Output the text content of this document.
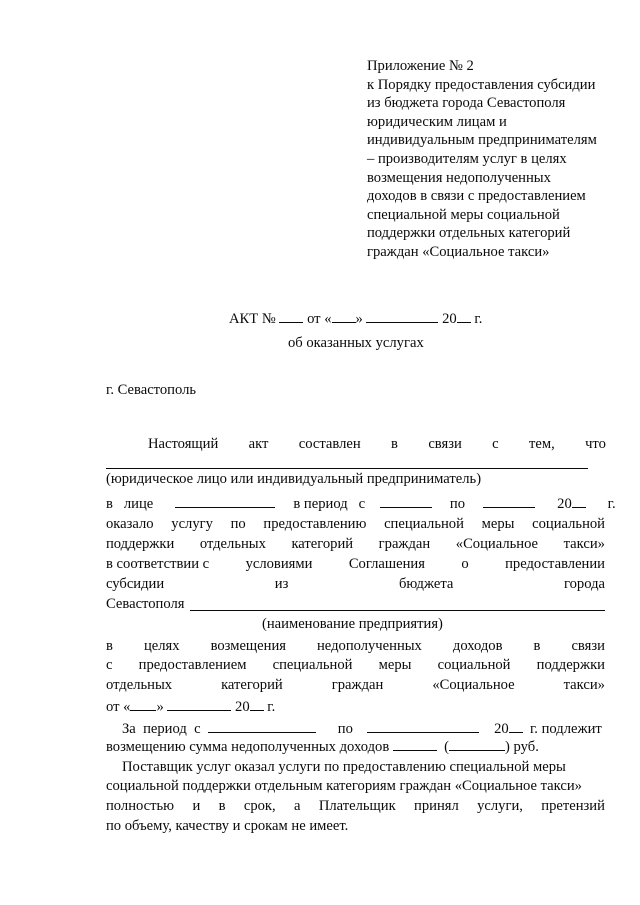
Приложение № 2
к Порядку предоставления субсидии
из бюджета города Севастополя
юридическим лицам и
индивидуальным предпринимателям
– производителям услуг в целях
возмещения недополученных
доходов в связи с предоставлением
специальной меры социальной
поддержки отдельных категорий
граждан «Социальное такси»
АКТ № от « »	20 г.
об оказанных услугах
г. Севастополь
Настоящий акт составлен в связи с тем, что
(юридическое лицо или индивидуальный предприниматель)
в лице	в период с	по	20 г.
оказало услугу по предоставлению специальной меры социальной
поддержки отдельных категорий граждан «Социальное такси»
в соответствии с условиями Соглашения о предоставлении
субсидии	из	бюджета	города
Севастополя
(наименование предприятия)
в целях возмещения недополученных доходов в связи
с предоставлением специальной меры социальной поддержки
отдельных	категорий	граждан	«Социальное	такси»
от « »	20 г.
За период с	по	20 г. подлежит
возмещению сумма недополученных доходов	(	) руб.
Поставщик услуг оказал услуги по предоставлению специальной меры
социальной поддержки отдельным категориям граждан «Социальное такси»
полностью и в срок, а Плательщик принял услуги, претензий
по объему, качеству и срокам не имеет.
